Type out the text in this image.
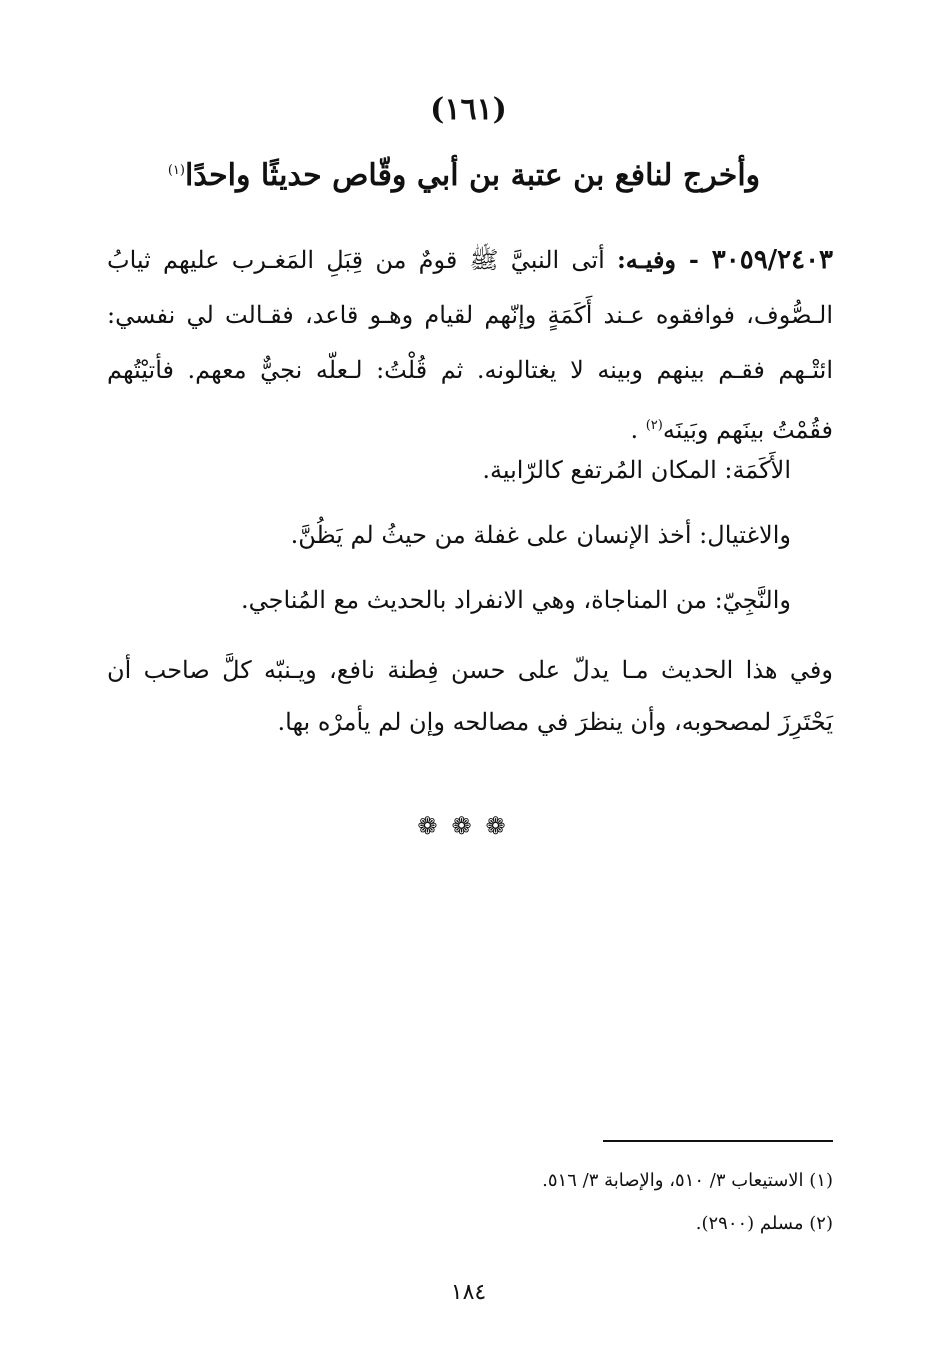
(١٦١)
وأخرج لنافع بن عتبة بن أبي وقّاص حديثًا واحدًا$^{(١)}$
٣٠٥٩/٢٤٠٣ - وفيـه: أتى النبيَّ ﷺ قومٌ من قِبَلِ المَغـرب عليهم ثيابُ الـصُّوف، فوافقوه عـند أَكَمَةٍ وإنّهم لقيام وهـو قاعد، فقـالت لي نفسي: ائتْـهم فقـم بينهم وبينه لا يغتالونه. ثم قُلْتُ: لـعلّه نجيٌّ معهم. فأتيْتُهم فقُمْتُ بينَهم وبَينَه$^{(٢)}$ .
الأَكَمَة: المكان المُرتفع كالرّابية.
والاغتيال: أخذ الإنسان على غفلة من حيثُ لم يَظُنَّ.
والنَّجِيّ: من المناجاة، وهي الانفراد بالحديث مع المُناجي.
وفي هذا الحديث مـا يدلّ على حسن فِطنة نافع، ويـنبّه كلَّ صاحب أن يَحْتَرِزَ لمصحوبه، وأن ينظرَ في مصالحه وإن لم يأمرْه بها.
❁❁❁
(١) الاستيعاب ٣/ ٥١٠، والإصابة ٣/ ٥١٦.
(٢) مسلم (٢٩٠٠).
١٨٤
